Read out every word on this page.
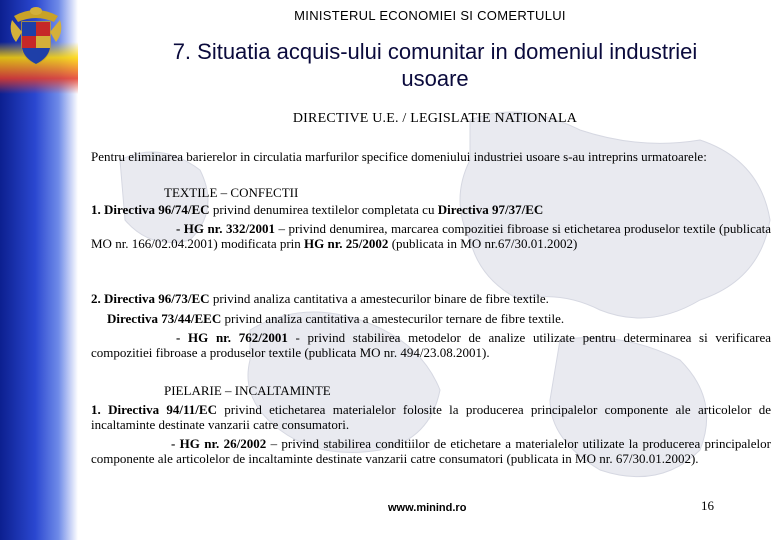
MINISTERUL ECONOMIEI SI COMERTULUI
7. Situatia acquis-ului comunitar in domeniul industriei
usoare
DIRECTIVE U.E. / LEGISLATIE NATIONALA
Pentru eliminarea barierelor in circulatia marfurilor specifice domeniului industriei usoare s-au intreprins urmatoarele:
TEXTILE – CONFECTII
1. Directiva 96/74/EC privind denumirea textilelor completata cu Directiva 97/37/EC
- HG nr. 332/2001 – privind denumirea, marcarea compozitiei fibroase si etichetarea produselor textile (publicata MO nr. 166/02.04.2001) modificata prin HG nr. 25/2002 (publicata in MO nr.67/30.01.2002)
2. Directiva 96/73/EC privind analiza cantitativa a amestecurilor binare de fibre textile.
Directiva 73/44/EEC privind analiza cantitativa a amestecurilor ternare de fibre textile.
- HG nr. 762/2001 - privind stabilirea metodelor de analize utilizate pentru determinarea si verificarea compozitiei fibroase a produselor textile (publicata MO nr. 494/23.08.2001).
PIELARIE – INCALTAMINTE
1. Directiva 94/11/EC privind etichetarea materialelor folosite la producerea principalelor componente ale articolelor de incaltaminte destinate vanzarii catre consumatori.
- HG nr. 26/2002 – privind stabilirea conditiilor de etichetare a materialelor utilizate la producerea principalelor componente ale articolelor de incaltaminte destinate vanzarii catre consumatori (publicata in MO nr. 67/30.01.2002).
www.minind.ro	16
